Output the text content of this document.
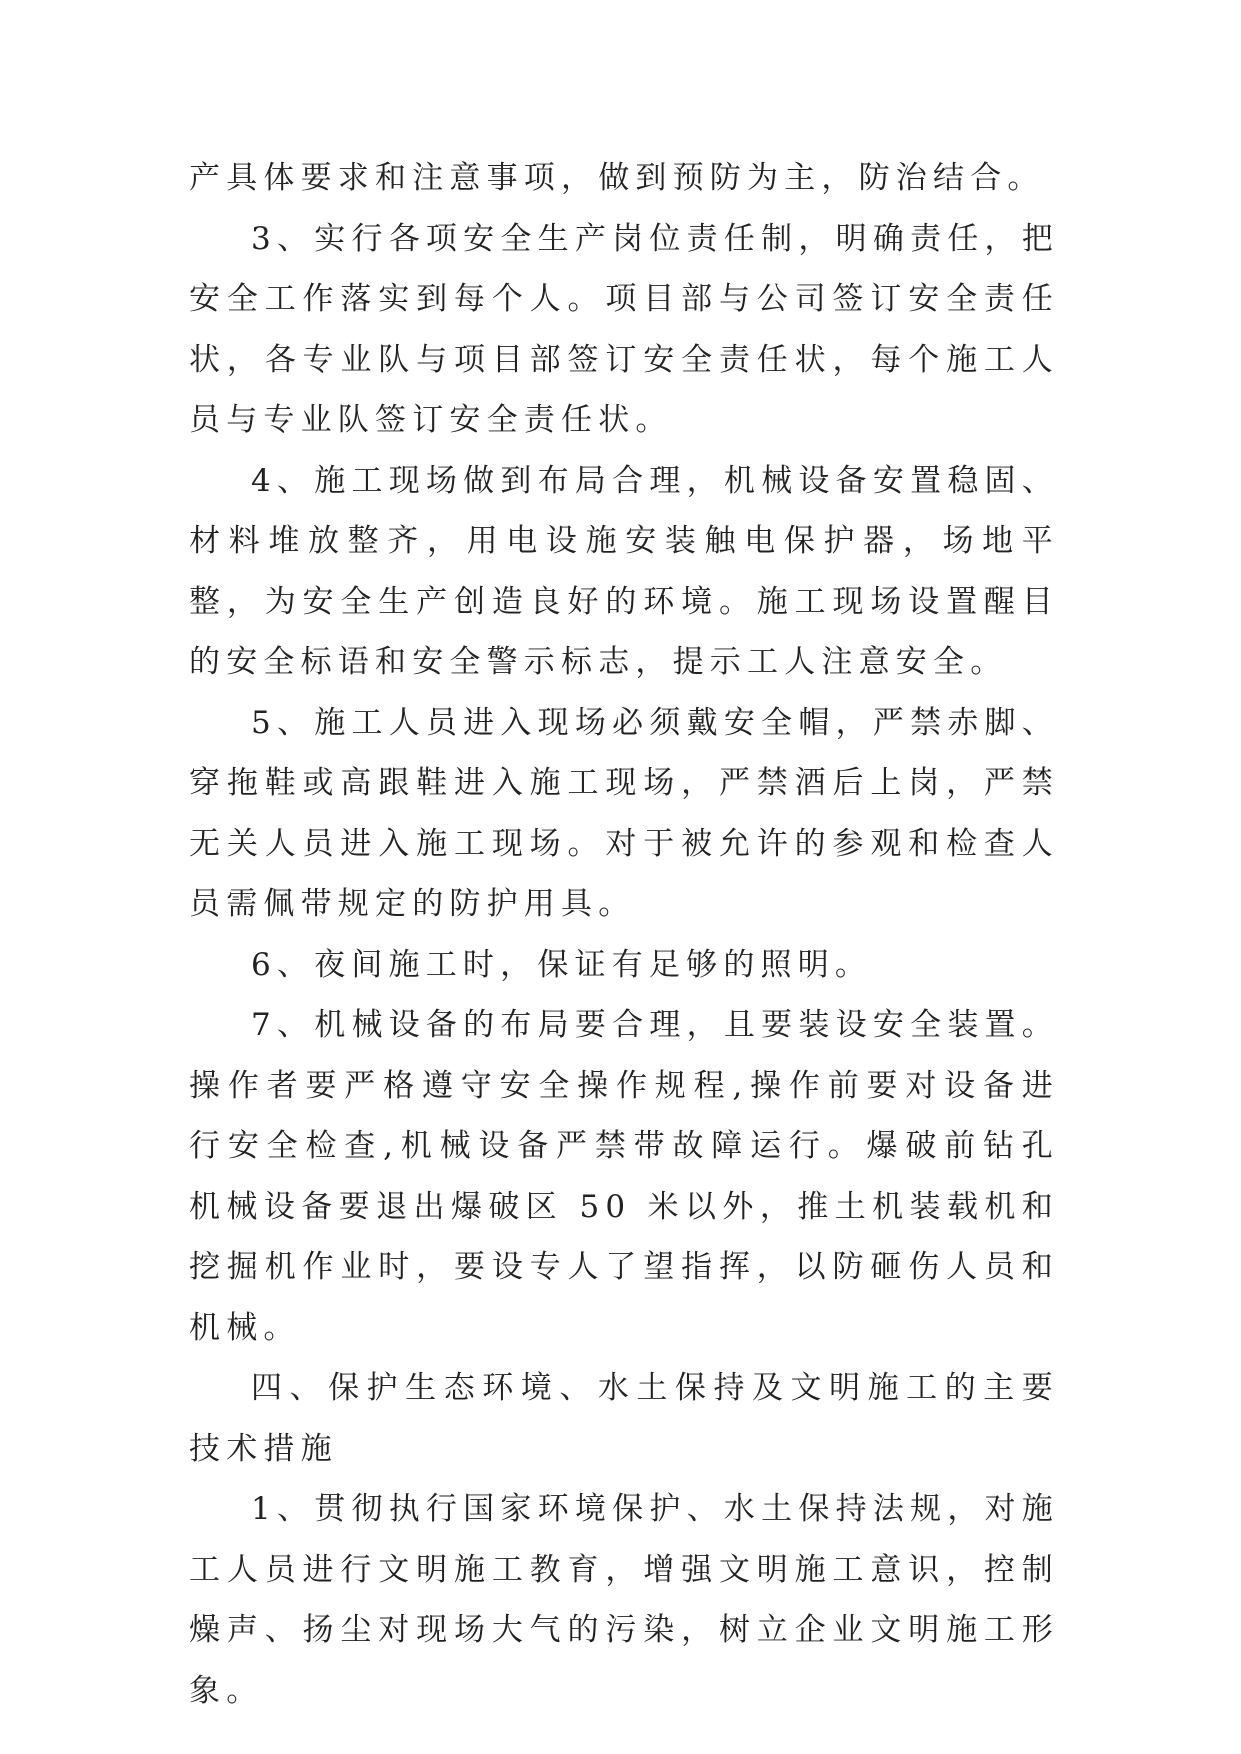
产具体要求和注意事项，做到预防为主，防治结合。

3、实行各项安全生产岗位责任制，明确责任，把安全工作落实到每个人。项目部与公司签订安全责任状，各专业队与项目部签订安全责任状，每个施工人员与专业队签订安全责任状。

4、施工现场做到布局合理，机械设备安置稳固、材料堆放整齐，用电设施安装触电保护器，场地平整，为安全生产创造良好的环境。施工现场设置醒目的安全标语和安全警示标志，提示工人注意安全。

5、施工人员进入现场必须戴安全帽，严禁赤脚、穿拖鞋或高跟鞋进入施工现场，严禁酒后上岗，严禁无关人员进入施工现场。对于被允许的参观和检查人员需佩带规定的防护用具。

6、夜间施工时，保证有足够的照明。

7、机械设备的布局要合理，且要装设安全装置。操作者要严格遵守安全操作规程,操作前要对设备进行安全检查,机械设备严禁带故障运行。爆破前钻孔机械设备要退出爆破区 50 米以外，推土机装载机和挖掘机作业时，要设专人了望指挥，以防砸伤人员和机械。

四、保护生态环境、水土保持及文明施工的主要技术措施

1、贯彻执行国家环境保护、水土保持法规，对施工人员进行文明施工教育，增强文明施工意识，控制燥声、扬尘对现场大气的污染，树立企业文明施工形象。
